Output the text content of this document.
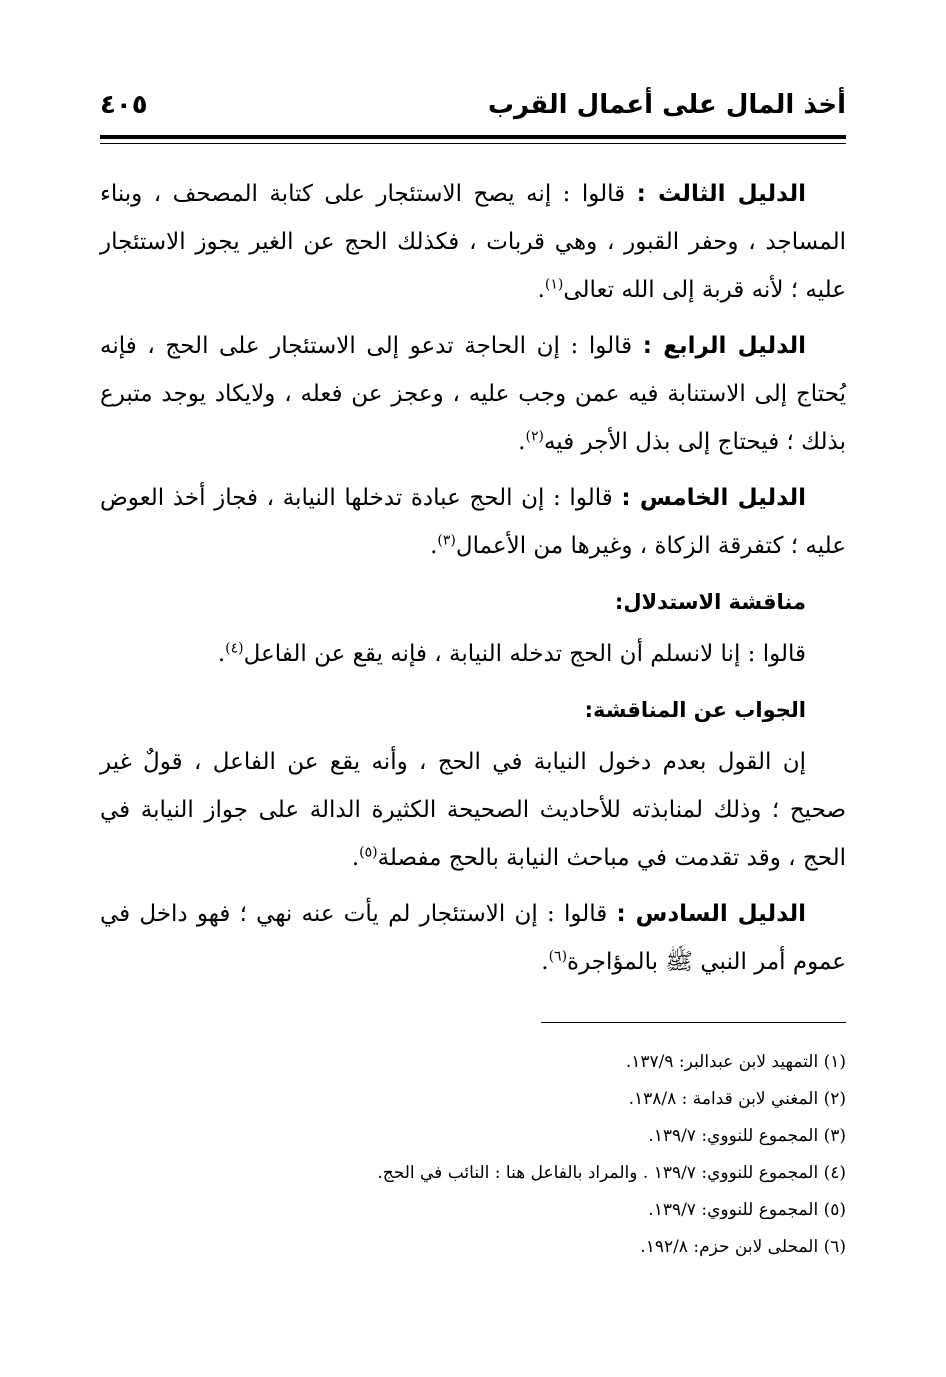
أخذ المال على أعمال القرب
٤٠٥

الدليل الثالث : قالوا : إنه يصح الاستئجار على كتابة المصحف ، وبناء المساجد ، وحفر القبور ، وهي قربات ، فكذلك الحج عن الغير يجوز الاستئجار عليه ؛ لأنه قربة إلى الله تعالى$^{(١)}$.

الدليل الرابع : قالوا : إن الحاجة تدعو إلى الاستئجار على الحج ، فإنه يُحتاج إلى الاستنابة فيه عمن وجب عليه ، وعجز عن فعله ، ولايكاد يوجد متبرع بذلك ؛ فيحتاج إلى بذل الأجر فيه$^{(٢)}$.

الدليل الخامس : قالوا : إن الحج عبادة تدخلها النيابة ، فجاز أخذ العوض عليه ؛ كتفرقة الزكاة ، وغيرها من الأعمال$^{(٣)}$.

مناقشة الاستدلال:

قالوا : إنا لانسلم أن الحج تدخله النيابة ، فإنه يقع عن الفاعل$^{(٤)}$.

الجواب عن المناقشة:

إن القول بعدم دخول النيابة في الحج ، وأنه يقع عن الفاعل ، قولٌ غير صحيح ؛ وذلك لمنابذته للأحاديث الصحيحة الكثيرة الدالة على جواز النيابة في الحج ، وقد تقدمت في مباحث النيابة بالحج مفصلة$^{(٥)}$.

الدليل السادس : قالوا : إن الاستئجار لم يأت عنه نهي ؛ فهو داخل في عموم أمر النبي ﷺ بالمؤاجرة$^{(٦)}$.

(١) التمهيد لابن عبدالبر: ١٣٧/٩.

(٢) المغني لابن قدامة : ١٣٨/٨.

(٣) المجموع للنووي: ١٣٩/٧.

(٤) المجموع للنووي: ١٣٩/٧ . والمراد بالفاعل هنا : النائب في الحج.

(٥) المجموع للنووي: ١٣٩/٧.

(٦) المحلى لابن حزم: ١٩٢/٨.
